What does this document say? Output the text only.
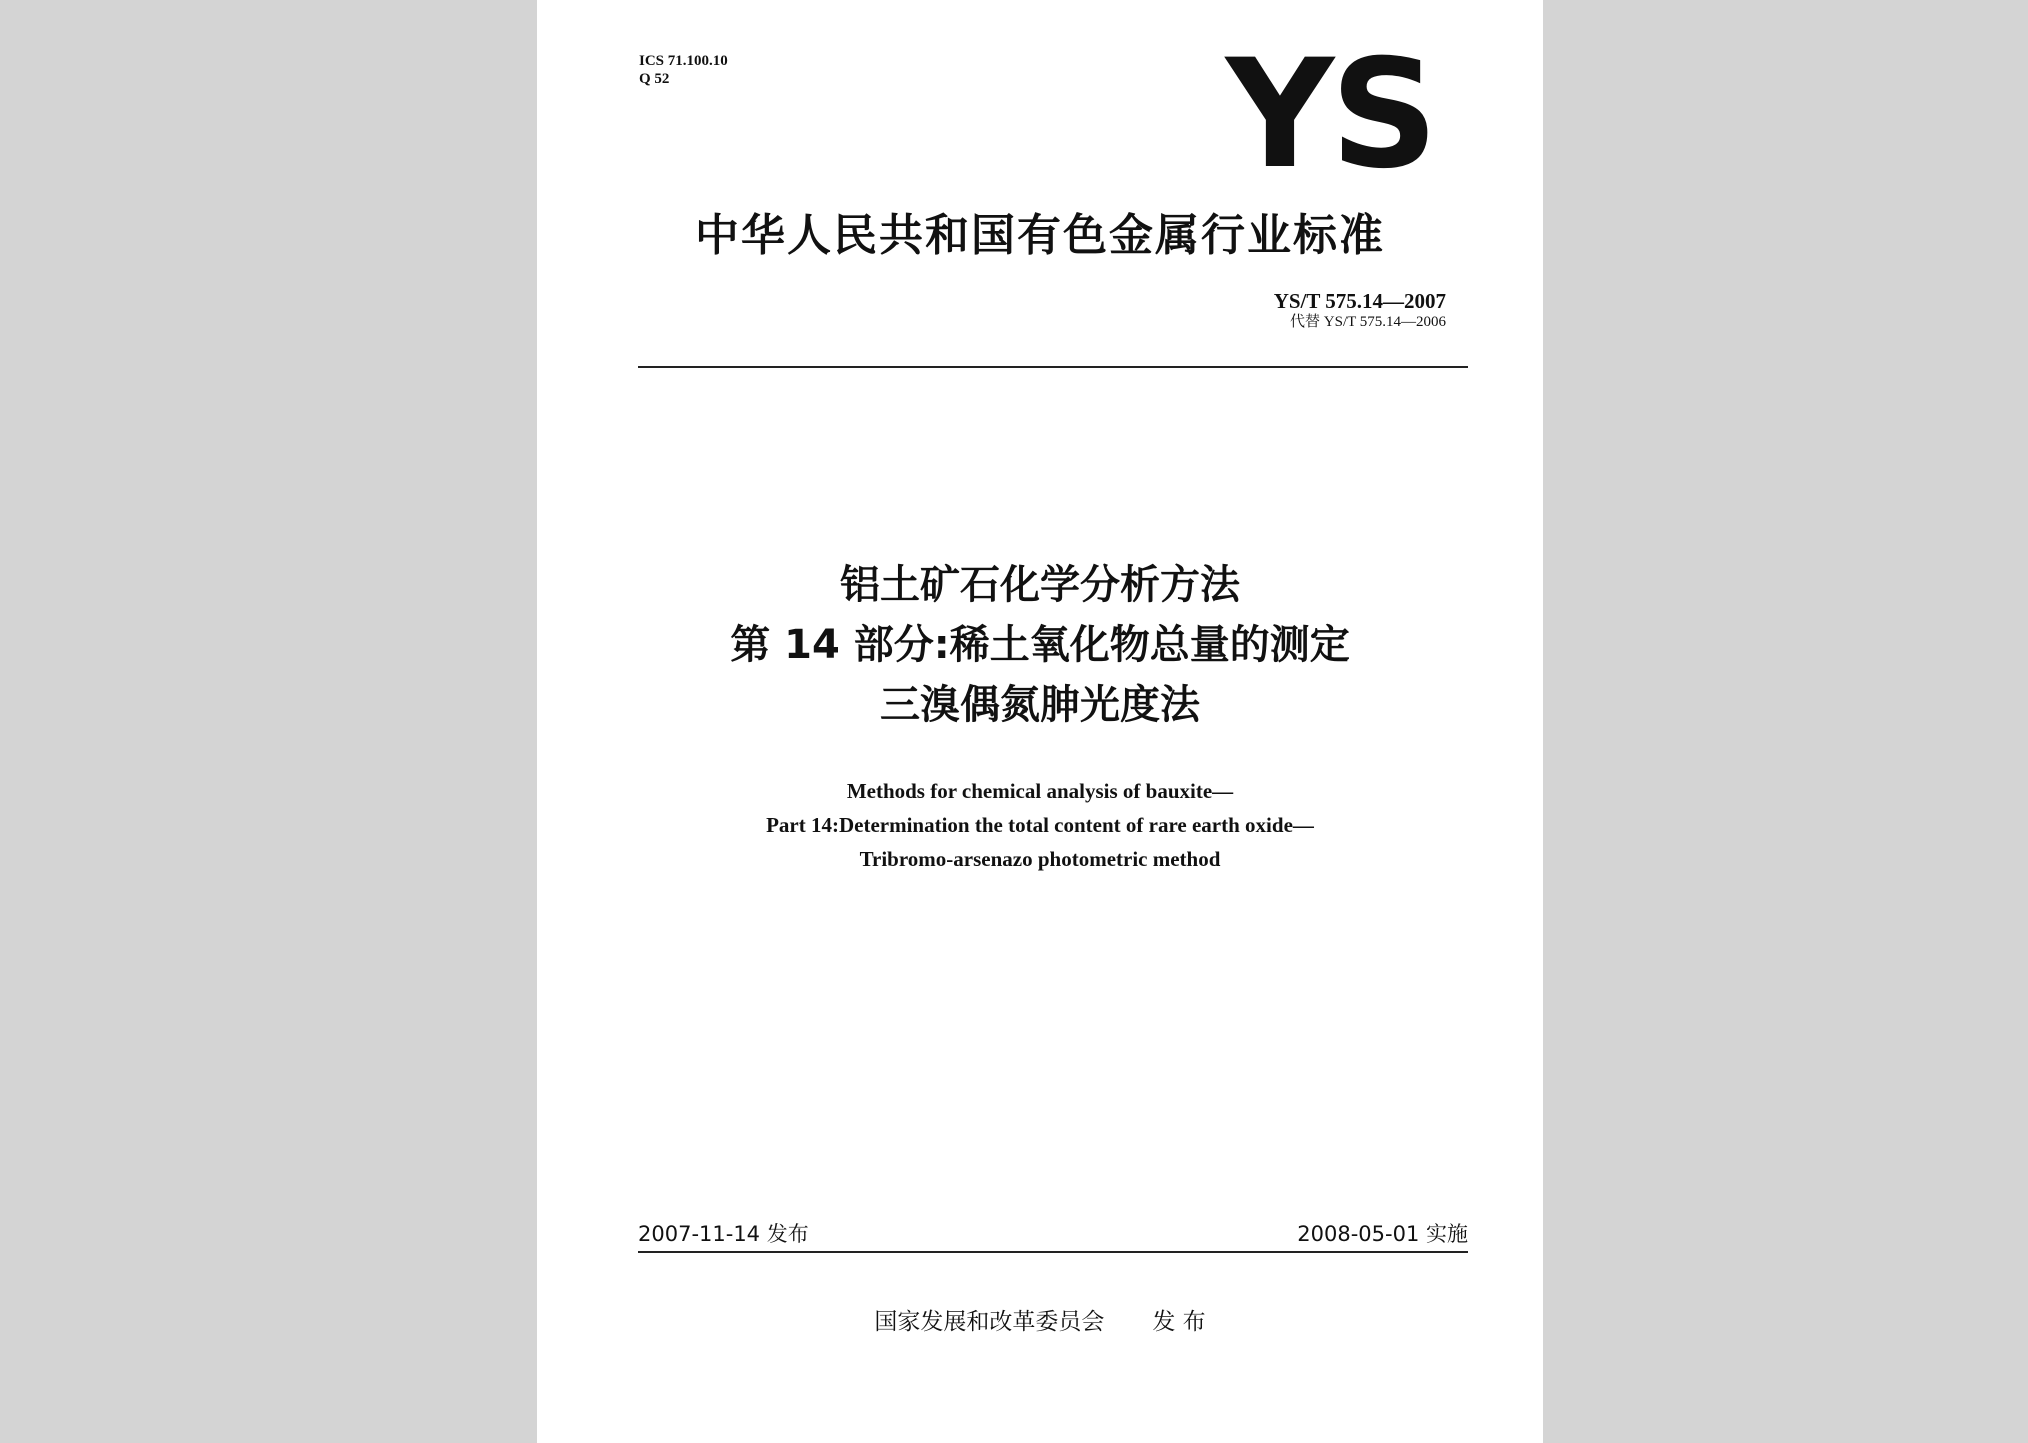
ICS 71.100.10
Q 52	YS
中华人民共和国有色金属行业标准
YS/T 575.14—2007
代替 YS/T 575.14—2006
铝土矿石化学分析方法
第 14 部分:稀土氧化物总量的测定
三溴偶氮胂光度法
Methods for chemical analysis of bauxite—
Part 14:Determination the total content of rare earth oxide—
Tribromo-arsenazo photometric method
2007-11-14 发布	2008-05-01 实施
国家发展和改革委员会 发 布
